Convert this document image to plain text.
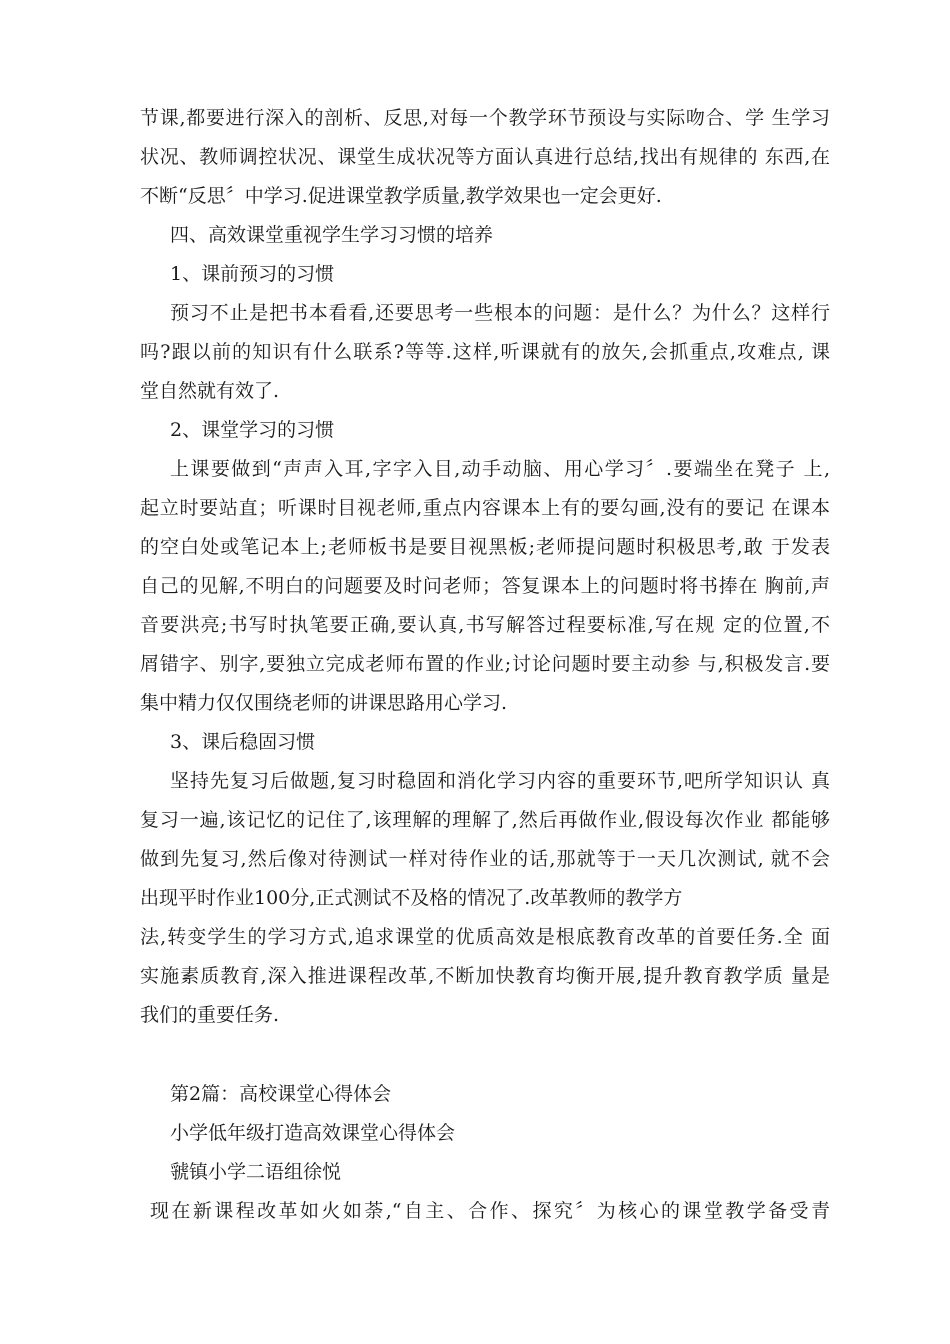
节课,都要进行深入的剖析、反思,对每一个教学环节预设与实际吻合、学 生学习
状况、教师调控状况、课堂生成状况等方面认真进行总结,找出有规律的 东西,在
不断“反思〞中学习.促进课堂教学质量,教学效果也一定会更好.
四、高效课堂重视学生学习习惯的培养
1、课前预习的习惯
预习不止是把书本看看,还要思考一些根本的问题：是什么？为什么？这样行
吗?跟以前的知识有什么联系?等等.这样,听课就有的放矢,会抓重点,攻难点, 课
堂自然就有效了.
2、课堂学习的习惯
上课要做到“声声入耳,字字入目,动手动脑、用心学习〞.要端坐在凳子 上,
起立时要站直；听课时目视老师,重点内容课本上有的要勾画,没有的要记 在课本
的空白处或笔记本上;老师板书是要目视黑板;老师提问题时积极思考,敢 于发表
自己的见解,不明白的问题要及时问老师；答复课本上的问题时将书捧在 胸前,声
音要洪亮;书写时执笔要正确,要认真,书写解答过程要标准,写在规 定的位置,不
屑错字、别字,要独立完成老师布置的作业;讨论问题时要主动参 与,积极发言.要
集中精力仅仅围绕老师的讲课思路用心学习.
3、课后稳固习惯
坚持先复习后做题,复习时稳固和消化学习内容的重要环节,吧所学知识认 真
复习一遍,该记忆的记住了,该理解的理解了,然后再做作业,假设每次作业 都能够
做到先复习,然后像对待测试一样对待作业的话,那就等于一天几次测试, 就不会
出现平时作业100分,正式测试不及格的情况了.改革教师的教学方
法,转变学生的学习方式,追求课堂的优质高效是根底教育改革的首要任务.全 面
实施素质教育,深入推进课程改革,不断加快教育均衡开展,提升教育教学质 量是
我们的重要任务.
第2篇：高校课堂心得体会
小学低年级打造高效课堂心得体会
虢镇小学二语组徐悦
现在新课程改革如火如荼,“自主、合作、探究〞为核心的课堂教学备受青
